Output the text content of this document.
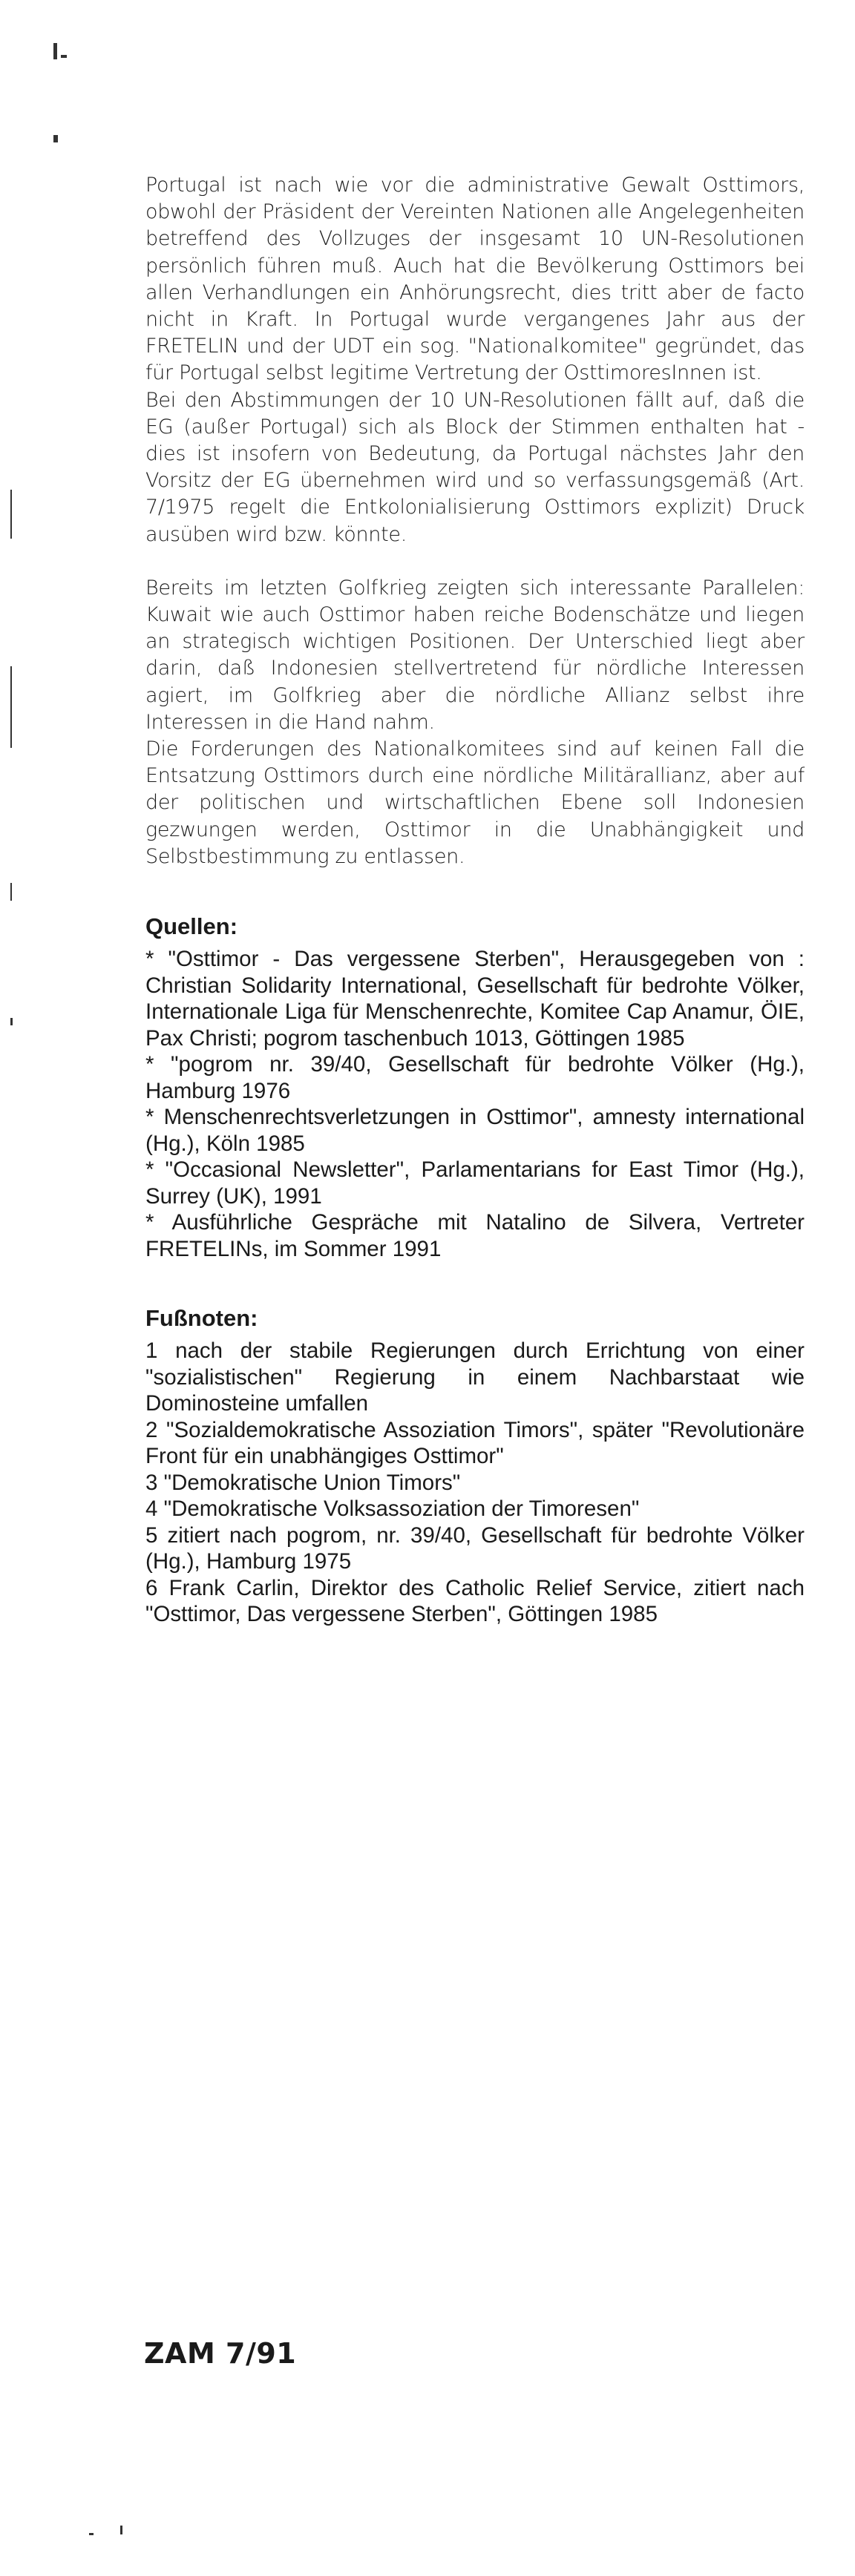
Portugal ist nach wie vor die administrative Gewalt Osttimors, obwohl der Präsident der Vereinten Nationen alle Angelegenheiten betreffend des Vollzuges der insgesamt 10 UN-Resolutionen persönlich führen muß. Auch hat die Bevölkerung Osttimors bei allen Verhandlungen ein Anhörungsrecht, dies tritt aber de facto nicht in Kraft. In Portugal wurde vergangenes Jahr aus der FRETELIN und der UDT ein sog. "Nationalkomitee" gegründet, das für Portugal selbst legitime Vertretung der OsttimoresInnen ist.

Bei den Abstimmungen der 10 UN-Resolutionen fällt auf, daß die EG (außer Portugal) sich als Block der Stimmen enthalten hat - dies ist insofern von Bedeutung, da Portugal nächstes Jahr den Vorsitz der EG übernehmen wird und so verfassungsgemäß (Art. 7/1975 regelt die Entkolonialisierung Osttimors explizit) Druck ausüben wird bzw. könnte.

Bereits im letzten Golfkrieg zeigten sich interessante Parallelen: Kuwait wie auch Osttimor haben reiche Bodenschätze und liegen an strategisch wichtigen Positionen. Der Unterschied liegt aber darin, daß Indonesien stellvertretend für nördliche Interessen agiert, im Golfkrieg aber die nördliche Allianz selbst ihre Interessen in die Hand nahm.

Die Forderungen des Nationalkomitees sind auf keinen Fall die Entsatzung Osttimors durch eine nördliche Militärallianz, aber auf der politischen und wirtschaftlichen Ebene soll Indonesien gezwungen werden, Osttimor in die Unabhängigkeit und Selbstbestimmung zu entlassen.

Quellen:

* "Osttimor - Das vergessene Sterben", Herausgegeben von : Christian Solidarity International, Gesellschaft für bedrohte Völker, Internationale Liga für Menschenrechte, Komitee Cap Anamur, ÖIE, Pax Christi; pogrom taschenbuch 1013, Göttingen 1985

* "pogrom nr. 39/40, Gesellschaft für bedrohte Völker (Hg.), Hamburg 1976

* Menschenrechtsverletzungen in Osttimor", amnesty international (Hg.), Köln 1985

* "Occasional Newsletter", Parlamentarians for East Timor (Hg.), Surrey (UK), 1991

* Ausführliche Gespräche mit Natalino de Silvera, Vertreter FRETELINs, im Sommer 1991

Fußnoten:

1 nach der stabile Regierungen durch Errichtung von einer "sozialistischen" Regierung in einem Nachbarstaat wie Dominosteine umfallen

2 "Sozialdemokratische Assoziation Timors", später "Revolutionäre Front für ein unabhängiges Osttimor"

3 "Demokratische Union Timors"

4 "Demokratische Volksassoziation der Timoresen"

5 zitiert nach pogrom, nr. 39/40, Gesellschaft für bedrohte Völker (Hg.), Hamburg 1975

6 Frank Carlin, Direktor des Catholic Relief Service, zitiert nach "Osttimor, Das vergessene Sterben", Göttingen 1985

ZAM 7/91
